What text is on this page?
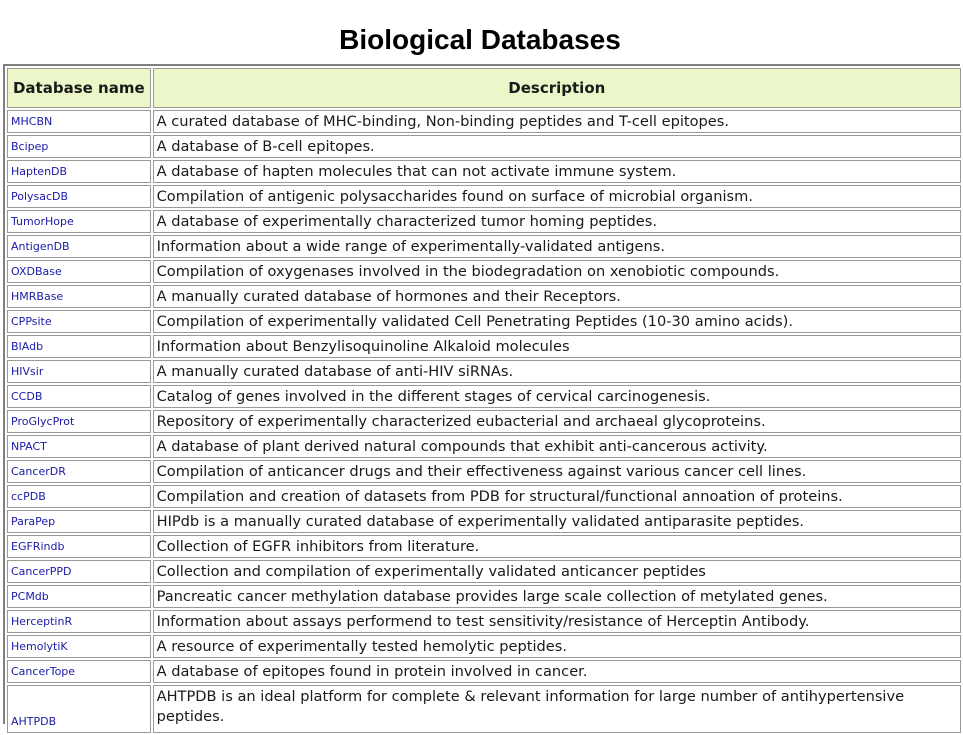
Biological Databases
Database name	Description
MHCBN	A curated database of MHC-binding, Non-binding peptides and T-cell epitopes.
Bcipep	A database of B-cell epitopes.
HaptenDB	A database of hapten molecules that can not activate immune system.
PolysacDB	Compilation of antigenic polysaccharides found on surface of microbial organism.
TumorHope	A database of experimentally characterized tumor homing peptides.
AntigenDB	Information about a wide range of experimentally-validated antigens.
OXDBase	Compilation of oxygenases involved in the biodegradation on xenobiotic compounds.
HMRBase	A manually curated database of hormones and their Receptors.
CPPsite	Compilation of experimentally validated Cell Penetrating Peptides (10-30 amino acids).
BIAdb	Information about Benzylisoquinoline Alkaloid molecules
HIVsir	A manually curated database of anti-HIV siRNAs.
CCDB	Catalog of genes involved in the different stages of cervical carcinogenesis.
ProGlycProt	Repository of experimentally characterized eubacterial and archaeal glycoproteins.
NPACT	A database of plant derived natural compounds that exhibit anti-cancerous activity.
CancerDR	Compilation of anticancer drugs and their effectiveness against various cancer cell lines.
ccPDB	Compilation and creation of datasets from PDB for structural/functional annoation of proteins.
ParaPep	HIPdb is a manually curated database of experimentally validated antiparasite peptides.
EGFRindb	Collection of EGFR inhibitors from literature.
CancerPPD	Collection and compilation of experimentally validated anticancer peptides
PCMdb	Pancreatic cancer methylation database provides large scale collection of metylated genes.
HerceptinR	Information about assays performend to test sensitivity/resistance of Herceptin Antibody.
HemolytiK	A resource of experimentally tested hemolytic peptides.
CancerTope	A database of epitopes found in protein involved in cancer.
AHTPDB	AHTPDB is an ideal platform for complete & relevant information for large number of antihypertensive peptides.
